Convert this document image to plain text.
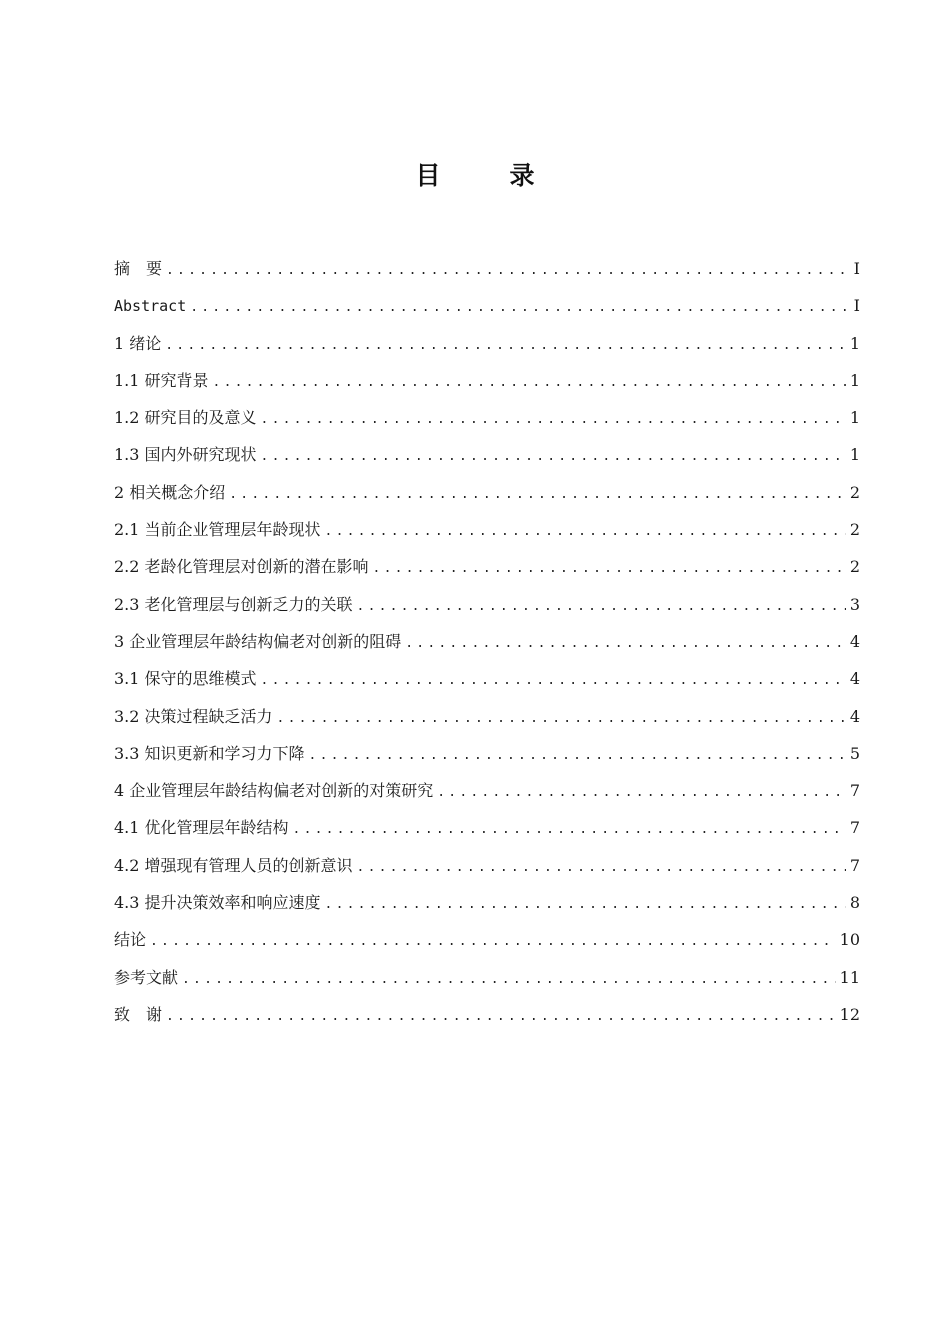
目　录
摘　要 .....	I
Abstract .....	I
1 绪论 .....	1
1.1 研究背景 .....	1
1.2 研究目的及意义 .....	1
1.3 国内外研究现状 .....	1
2 相关概念介绍 .....	2
2.1 当前企业管理层年龄现状 .....	2
2.2 老龄化管理层对创新的潜在影响 .....	2
2.3 老化管理层与创新乏力的关联 .....	3
3 企业管理层年龄结构偏老对创新的阻碍 .....	4
3.1 保守的思维模式 .....	4
3.2 决策过程缺乏活力 .....	4
3.3 知识更新和学习力下降 .....	5
4 企业管理层年龄结构偏老对创新的对策研究 .....	7
4.1 优化管理层年龄结构 .....	7
4.2 增强现有管理人员的创新意识 .....	7
4.3 提升决策效率和响应速度 .....	8
结论 .....	10
参考文献 .....	11
致　谢 .....	12
